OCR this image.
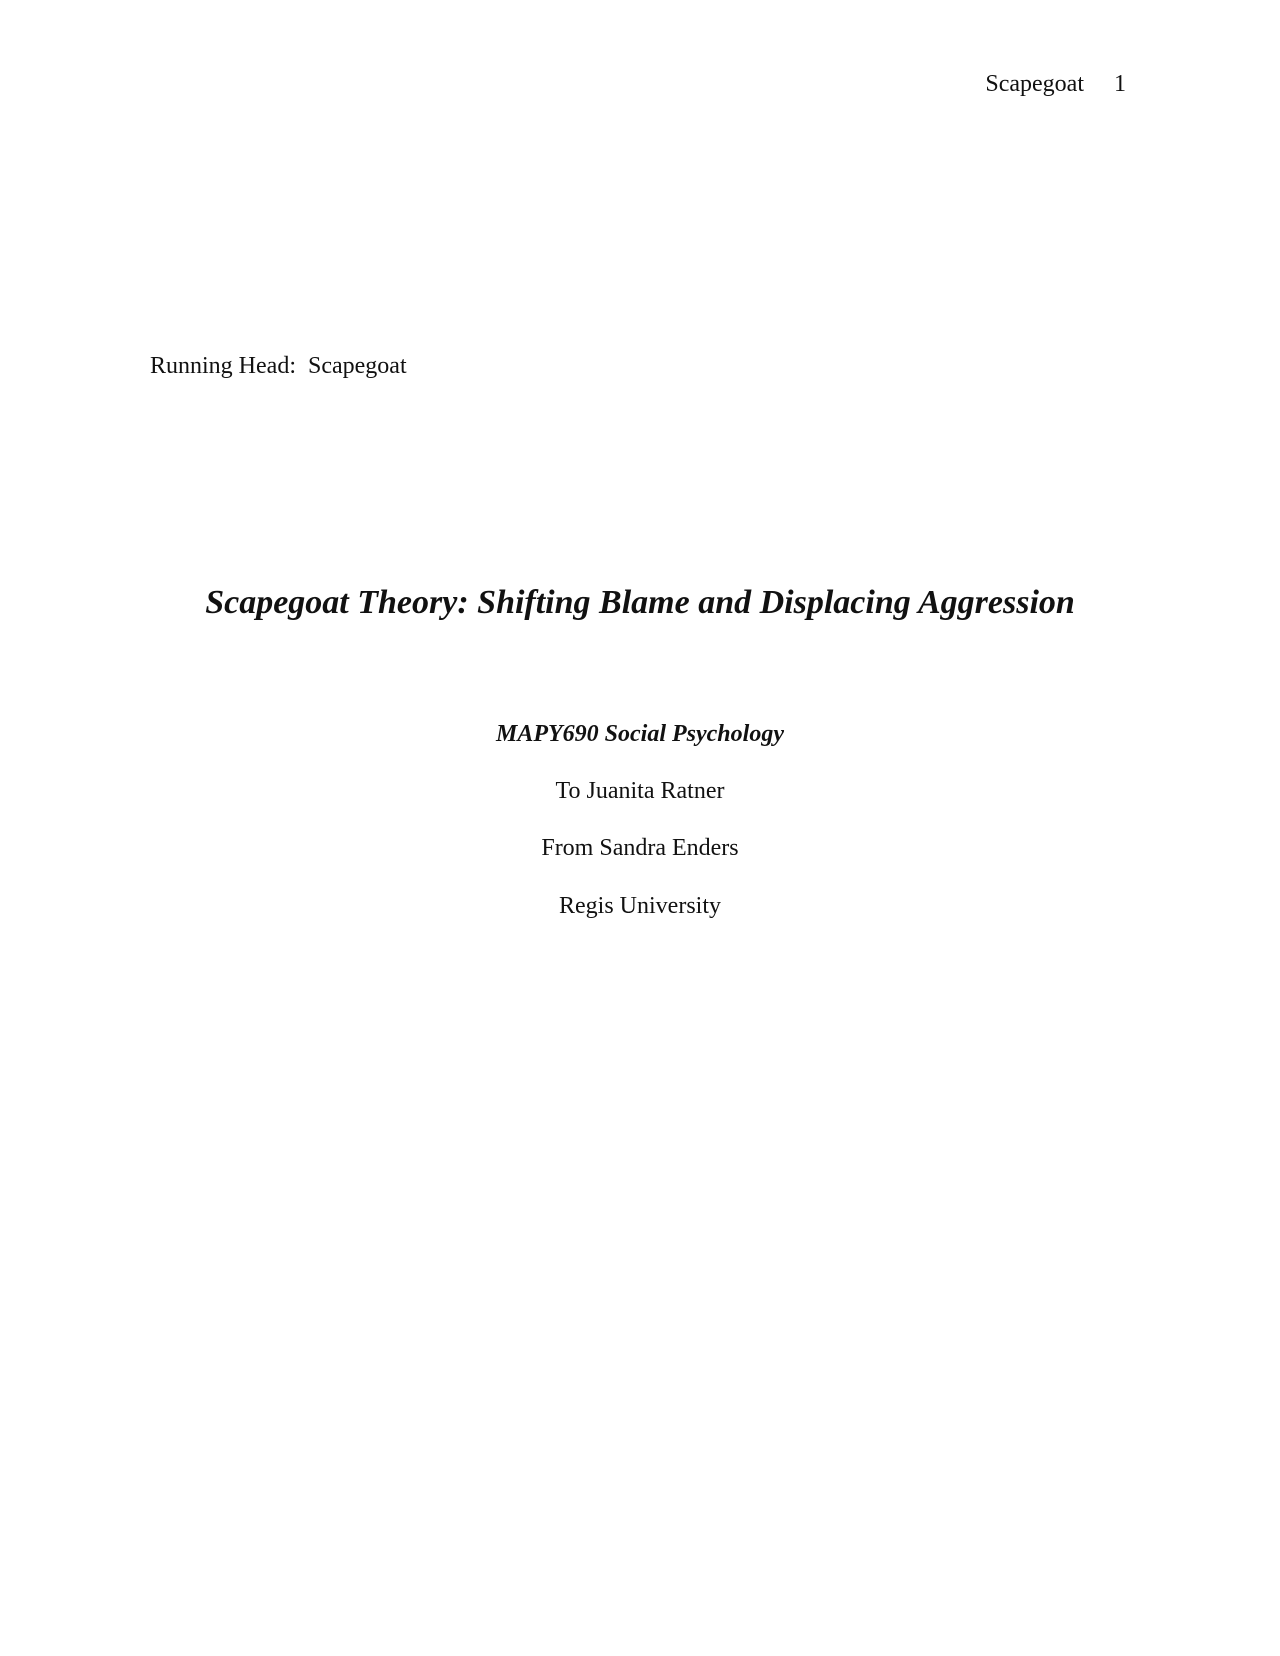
Scapegoat 1
Running Head:  Scapegoat
Scapegoat Theory: Shifting Blame and Displacing Aggression
MAPY690 Social Psychology
To Juanita Ratner
From Sandra Enders
Regis University
